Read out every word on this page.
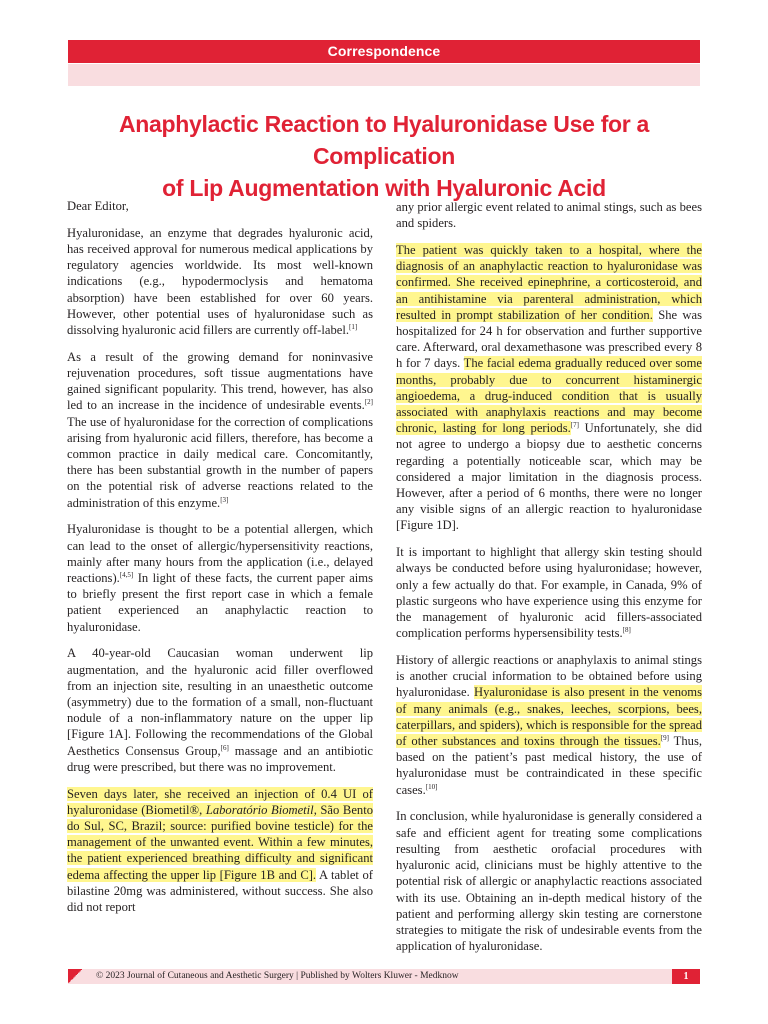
Correspondence
Anaphylactic Reaction to Hyaluronidase Use for a Complication
of Lip Augmentation with Hyaluronic Acid

Dear Editor,

Hyaluronidase, an enzyme that degrades hyaluronic acid, has received approval for numerous medical applications by regulatory agencies worldwide. Its most well-known indications (e.g., hypodermoclysis and hematoma absorption) have been established for over 60 years. However, other potential uses of hyaluronidase such as dissolving hyaluronic acid fillers are currently off-label.[1]

As a result of the growing demand for noninvasive rejuvenation procedures, soft tissue augmentations have gained significant popularity. This trend, however, has also led to an increase in the incidence of undesirable events.[2] The use of hyaluronidase for the correction of complications arising from hyaluronic acid fillers, therefore, has become a common practice in daily medical care. Concomitantly, there has been substantial growth in the number of papers on the potential risk of adverse reactions related to the administration of this enzyme.[3]

Hyaluronidase is thought to be a potential allergen, which can lead to the onset of allergic/hypersensitivity reactions, mainly after many hours from the application (i.e., delayed reactions).[4,5] In light of these facts, the current paper aims to briefly present the first report case in which a female patient experienced an anaphylactic reaction to hyaluronidase.

A 40-year-old Caucasian woman underwent lip augmentation, and the hyaluronic acid filler overflowed from an injection site, resulting in an unaesthetic outcome (asymmetry) due to the formation of a small, non-fluctuant nodule of a non-inflammatory nature on the upper lip [Figure 1A]. Following the recommendations of the Global Aesthetics Consensus Group,[6] massage and an antibiotic drug were prescribed, but there was no improvement.

Seven days later, she received an injection of 0.4 UI of hyaluronidase (Biometil®, Laboratório Biometil, São Bento do Sul, SC, Brazil; source: purified bovine testicle) for the management of the unwanted event. Within a few minutes, the patient experienced breathing difficulty and significant edema affecting the upper lip [Figure 1B and C]. A tablet of bilastine 20mg was administered, without success. She also did not report

any prior allergic event related to animal stings, such as bees and spiders.

The patient was quickly taken to a hospital, where the diagnosis of an anaphylactic reaction to hyaluronidase was confirmed. She received epinephrine, a corticosteroid, and an antihistamine via parenteral administration, which resulted in prompt stabilization of her condition. She was hospitalized for 24 h for observation and further supportive care. Afterward, oral dexamethasone was prescribed every 8 h for 7 days. The facial edema gradually reduced over some months, probably due to concurrent histaminergic angioedema, a drug-induced condition that is usually associated with anaphylaxis reactions and may become chronic, lasting for long periods.[7] Unfortunately, she did not agree to undergo a biopsy due to aesthetic concerns regarding a potentially noticeable scar, which may be considered a major limitation in the diagnosis process. However, after a period of 6 months, there were no longer any visible signs of an allergic reaction to hyaluronidase [Figure 1D].

It is important to highlight that allergy skin testing should always be conducted before using hyaluronidase; however, only a few actually do that. For example, in Canada, 9% of plastic surgeons who have experience using this enzyme for the management of hyaluronic acid fillers-associated complication performs hypersensibility tests.[8]

History of allergic reactions or anaphylaxis to animal stings is another crucial information to be obtained before using hyaluronidase. Hyaluronidase is also present in the venoms of many animals (e.g., snakes, leeches, scorpions, bees, caterpillars, and spiders), which is responsible for the spread of other substances and toxins through the tissues.[9] Thus, based on the patient’s past medical history, the use of hyaluronidase must be contraindicated in these specific cases.[10]

In conclusion, while hyaluronidase is generally considered a safe and efficient agent for treating some complications resulting from aesthetic orofacial procedures with hyaluronic acid, clinicians must be highly attentive to the potential risk of allergic or anaphylactic reactions associated with its use. Obtaining an in-depth medical history of the patient and performing allergy skin testing are cornerstone strategies to mitigate the risk of undesirable events from the application of hyaluronidase.

© 2023 Journal of Cutaneous and Aesthetic Surgery | Published by Wolters Kluwer - Medknow	1
